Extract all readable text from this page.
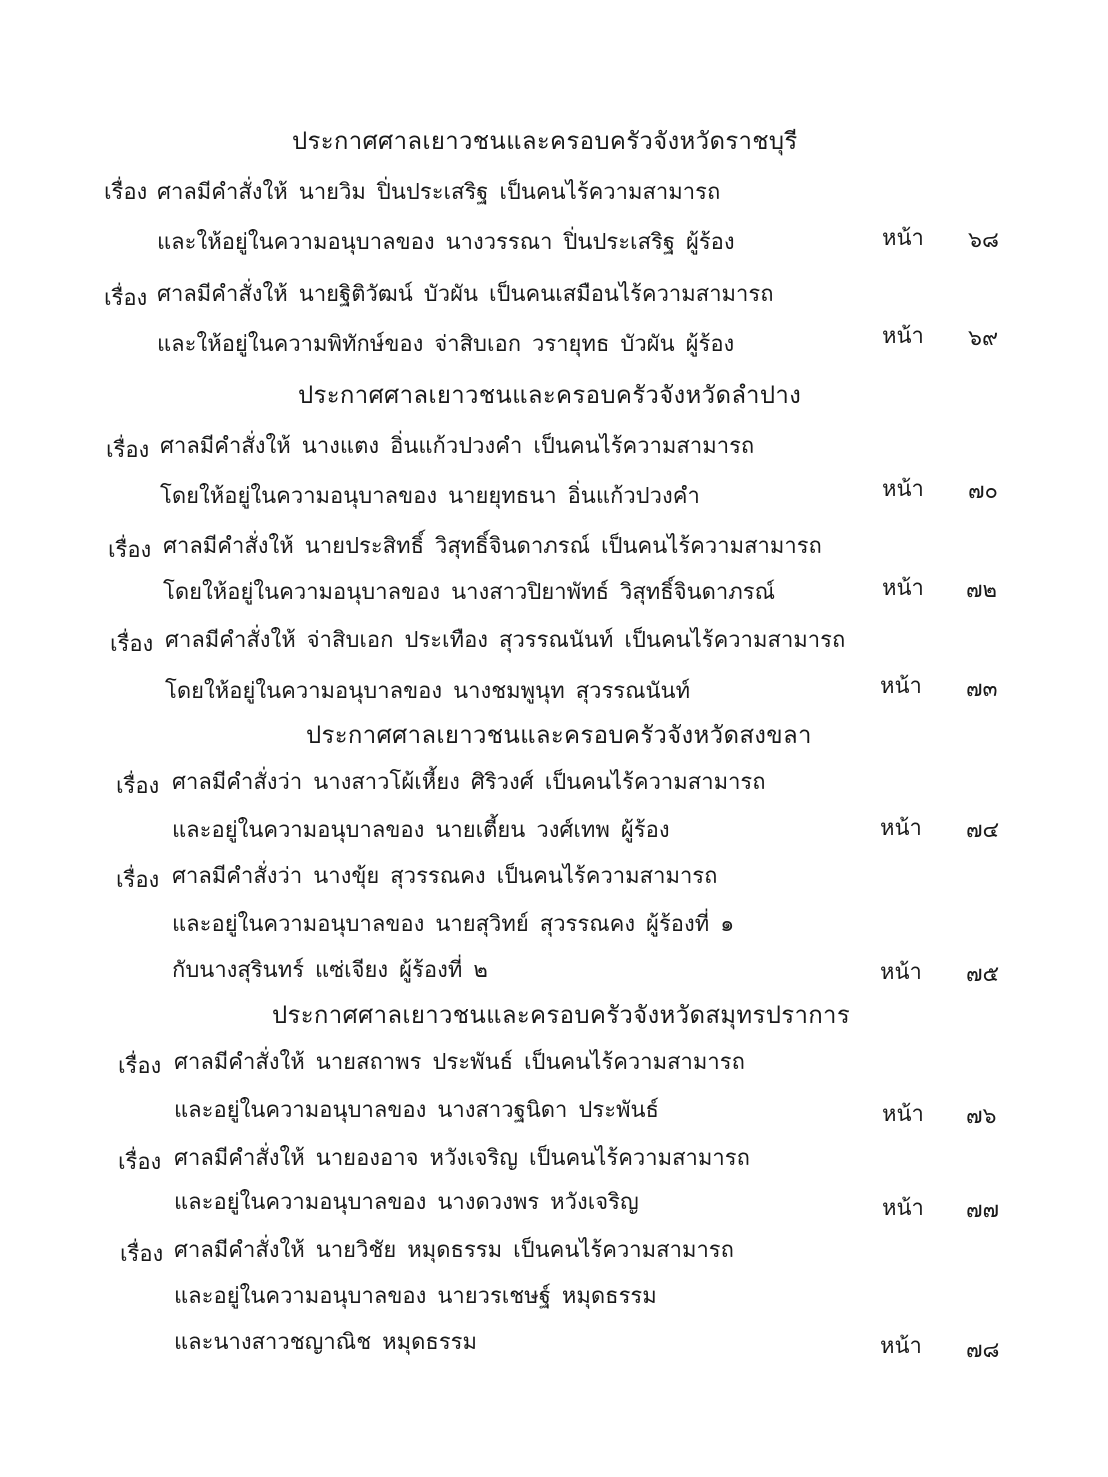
ประกาศศาลเยาวชนและครอบครัวจังหวัดราชบุรี
เรื่อง ศาลมีคำสั่งให้ นายวิม ปิ่นประเสริฐ เป็นคนไร้ความสามารถ
และให้อยู่ในความอนุบาลของ นางวรรณา ปิ่นประเสริฐ ผู้ร้อง	หน้า ๖๘
เรื่อง ศาลมีคำสั่งให้ นายฐิติวัฒน์ บัวผัน เป็นคนเสมือนไร้ความสามารถ
และให้อยู่ในความพิทักษ์ของ จ่าสิบเอก วรายุทธ บัวผัน ผู้ร้อง	หน้า ๖๙
ประกาศศาลเยาวชนและครอบครัวจังหวัดลำปาง
เรื่อง ศาลมีคำสั่งให้ นางแตง อิ่นแก้วปวงคำ เป็นคนไร้ความสามารถ
โดยให้อยู่ในความอนุบาลของ นายยุทธนา อิ่นแก้วปวงคำ	หน้า ๗๐
เรื่อง ศาลมีคำสั่งให้ นายประสิทธิ์ วิสุทธิ์จินดาภรณ์ เป็นคนไร้ความสามารถ
โดยให้อยู่ในความอนุบาลของ นางสาวปิยาพัทธ์ วิสุทธิ์จินดาภรณ์	หน้า ๗๒
เรื่อง ศาลมีคำสั่งให้ จ่าสิบเอก ประเทือง สุวรรณนันท์ เป็นคนไร้ความสามารถ
โดยให้อยู่ในความอนุบาลของ นางชมพูนุท สุวรรณนันท์	หน้า ๗๓
ประกาศศาลเยาวชนและครอบครัวจังหวัดสงขลา
เรื่อง ศาลมีคำสั่งว่า นางสาวโผ้เหี้ยง ศิริวงศ์ เป็นคนไร้ความสามารถ
และอยู่ในความอนุบาลของ นายเตี้ยน วงศ์เทพ ผู้ร้อง	หน้า ๗๔
เรื่อง ศาลมีคำสั่งว่า นางขุ้ย สุวรรณคง เป็นคนไร้ความสามารถ
และอยู่ในความอนุบาลของ นายสุวิทย์ สุวรรณคง ผู้ร้องที่ ๑
กับนางสุรินทร์ แซ่เจียง ผู้ร้องที่ ๒	หน้า ๗๕
ประกาศศาลเยาวชนและครอบครัวจังหวัดสมุทรปราการ
เรื่อง ศาลมีคำสั่งให้ นายสถาพร ประพันธ์ เป็นคนไร้ความสามารถ
และอยู่ในความอนุบาลของ นางสาวฐนิดา ประพันธ์	หน้า ๗๖
เรื่อง ศาลมีคำสั่งให้ นายองอาจ หวังเจริญ เป็นคนไร้ความสามารถ
และอยู่ในความอนุบาลของ นางดวงพร หวังเจริญ	หน้า ๗๗
เรื่อง ศาลมีคำสั่งให้ นายวิชัย หมุดธรรม เป็นคนไร้ความสามารถ
และอยู่ในความอนุบาลของ นายวรเชษฐ์ หมุดธรรม
และนางสาวชญาณิช หมุดธรรม	หน้า ๗๘
